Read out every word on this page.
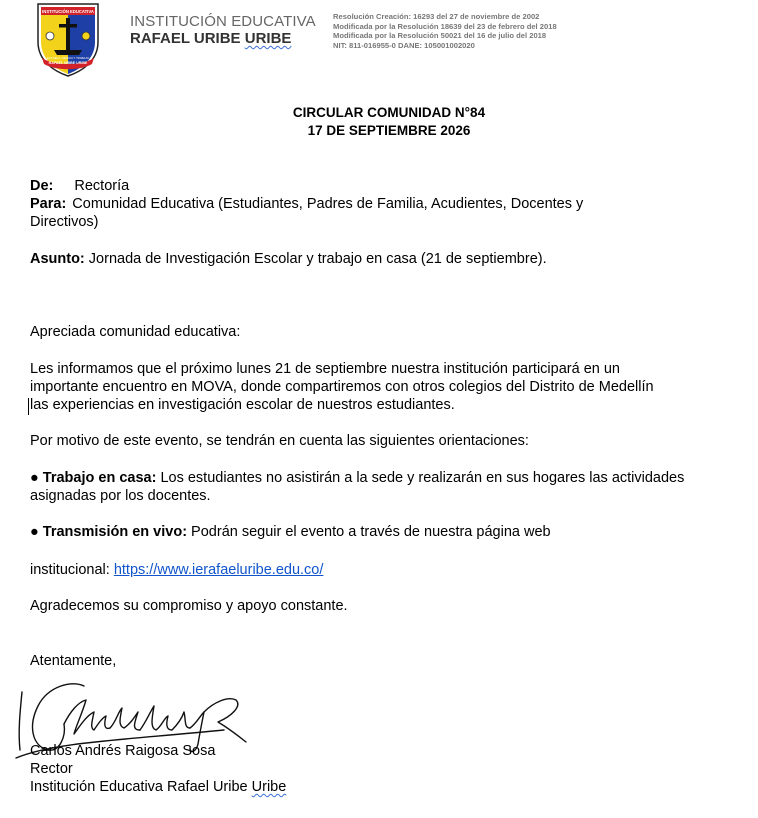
INSTITUCIÓN EDUCATIVA
RAFAEL URIBE URIBE
ESCUELA, CIENCIA Y TRABAJO
INSTITUCIÓN EDUCATIVA
RAFAEL URIBE URIBE
Resolución Creación: 16293 del 27 de noviembre de 2002
Modificada por la Resolución 18639 del 23 de febrero del 2018
Modificada por la Resolución 50021 del 16 de julio del 2018
NIT: 811-016955-0 DANE: 105001002020
CIRCULAR COMUNIDAD N°84
17 DE SEPTIEMBRE 2026
De: Rectoría
Para: Comunidad Educativa (Estudiantes, Padres de Familia, Acudientes, Docentes y
Directivos)
Asunto: Jornada de Investigación Escolar y trabajo en casa (21 de septiembre).
Apreciada comunidad educativa:
Les informamos que el próximo lunes 21 de septiembre nuestra institución participará en un
importante encuentro en MOVA, donde compartiremos con otros colegios del Distrito de Medellín
las experiencias en investigación escolar de nuestros estudiantes.
Por motivo de este evento, se tendrán en cuenta las siguientes orientaciones:
● Trabajo en casa: Los estudiantes no asistirán a la sede y realizarán en sus hogares las actividades
asignadas por los docentes.
● Transmisión en vivo: Podrán seguir el evento a través de nuestra página web
institucional: https://www.ierafaeluribe.edu.co/
Agradecemos su compromiso y apoyo constante.
Atentamente,
Carlos Andrés Raigosa Sosa
Rector
Institución Educativa Rafael Uribe Uribe
